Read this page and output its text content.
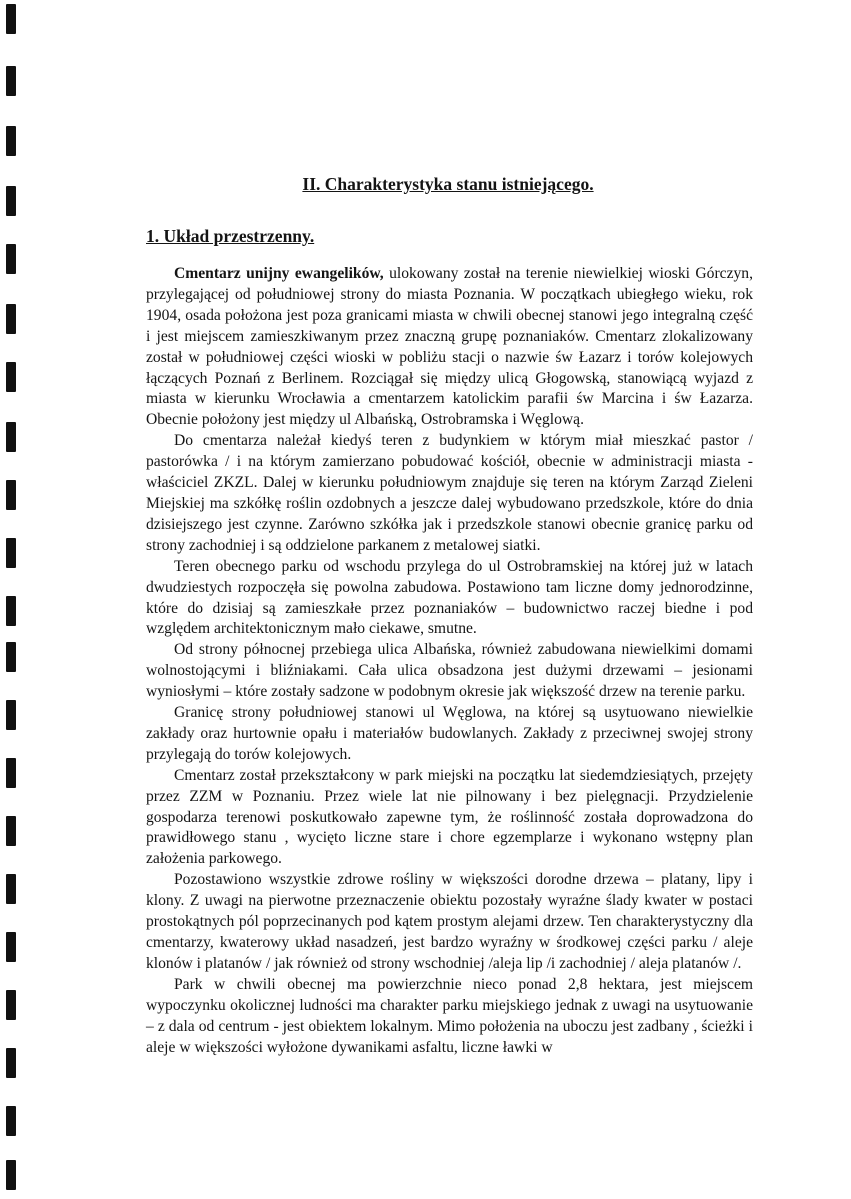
II. Charakterystyka stanu istniejącego.
1. Układ przestrzenny.

Cmentarz unijny ewangelików, ulokowany został na terenie niewielkiej wioski Górczyn, przylegającej od południowej strony do miasta Poznania. W początkach ubiegłego wieku, rok 1904, osada położona jest poza granicami miasta w chwili obecnej stanowi jego integralną część i jest miejscem zamieszkiwanym przez znaczną grupę poznaniaków. Cmentarz zlokalizowany został w południowej części wioski w pobliżu stacji o nazwie św Łazarz i torów kolejowych łączących Poznań z Berlinem. Rozciągał się między ulicą Głogowską, stanowiącą wyjazd z miasta w kierunku Wrocławia a cmentarzem katolickim parafii św Marcina i św Łazarza. Obecnie położony jest między ul Albańską, Ostrobramska i Węglową.

Do cmentarza należał kiedyś teren z budynkiem w którym miał mieszkać pastor / pastorówka / i na którym zamierzano pobudować kościół, obecnie w administracji miasta - właściciel ZKZL. Dalej w kierunku południowym znajduje się teren na którym Zarząd Zieleni Miejskiej ma szkółkę roślin ozdobnych a jeszcze dalej wybudowano przedszkole, które do dnia dzisiejszego jest czynne. Zarówno szkółka jak i przedszkole stanowi obecnie granicę parku od strony zachodniej i są oddzielone parkanem z metalowej siatki.

Teren obecnego parku od wschodu przylega do ul Ostrobramskiej na której już w latach dwudziestych rozpoczęła się powolna zabudowa. Postawiono tam liczne domy jednorodzinne, które do dzisiaj są zamieszkałe przez poznaniaków – budownictwo raczej biedne i pod względem architektonicznym mało ciekawe, smutne.

Od strony północnej przebiega ulica Albańska, również zabudowana niewielkimi domami wolnostojącymi i bliźniakami. Cała ulica obsadzona jest dużymi drzewami – jesionami wyniosłymi – które zostały sadzone w podobnym okresie jak większość drzew na terenie parku.

Granicę strony południowej stanowi ul Węglowa, na której są usytuowano niewielkie zakłady oraz hurtownie opału i materiałów budowlanych. Zakłady z przeciwnej swojej strony przylegają do torów kolejowych.

Cmentarz został przekształcony w park miejski na początku lat siedemdziesiątych, przejęty przez ZZM w Poznaniu. Przez wiele lat nie pilnowany i bez pielęgnacji. Przydzielenie gospodarza terenowi poskutkowało zapewne tym, że roślinność została doprowadzona do prawidłowego stanu , wycięto liczne stare i chore egzemplarze i wykonano wstępny plan założenia parkowego.

Pozostawiono wszystkie zdrowe rośliny w większości dorodne drzewa – platany, lipy i klony. Z uwagi na pierwotne przeznaczenie obiektu pozostały wyraźne ślady kwater w postaci prostokątnych pól poprzecinanych pod kątem prostym alejami drzew. Ten charakterystyczny dla cmentarzy, kwaterowy układ nasadzeń, jest bardzo wyraźny w środkowej części parku / aleje klonów i platanów / jak również od strony wschodniej /aleja lip /i zachodniej / aleja platanów /.

Park w chwili obecnej ma powierzchnie nieco ponad 2,8 hektara, jest miejscem wypoczynku okolicznej ludności ma charakter parku miejskiego jednak z uwagi na usytuowanie – z dala od centrum - jest obiektem lokalnym. Mimo położenia na uboczu jest zadbany , ścieżki i aleje w większości wyłożone dywanikami asfaltu, liczne ławki w
